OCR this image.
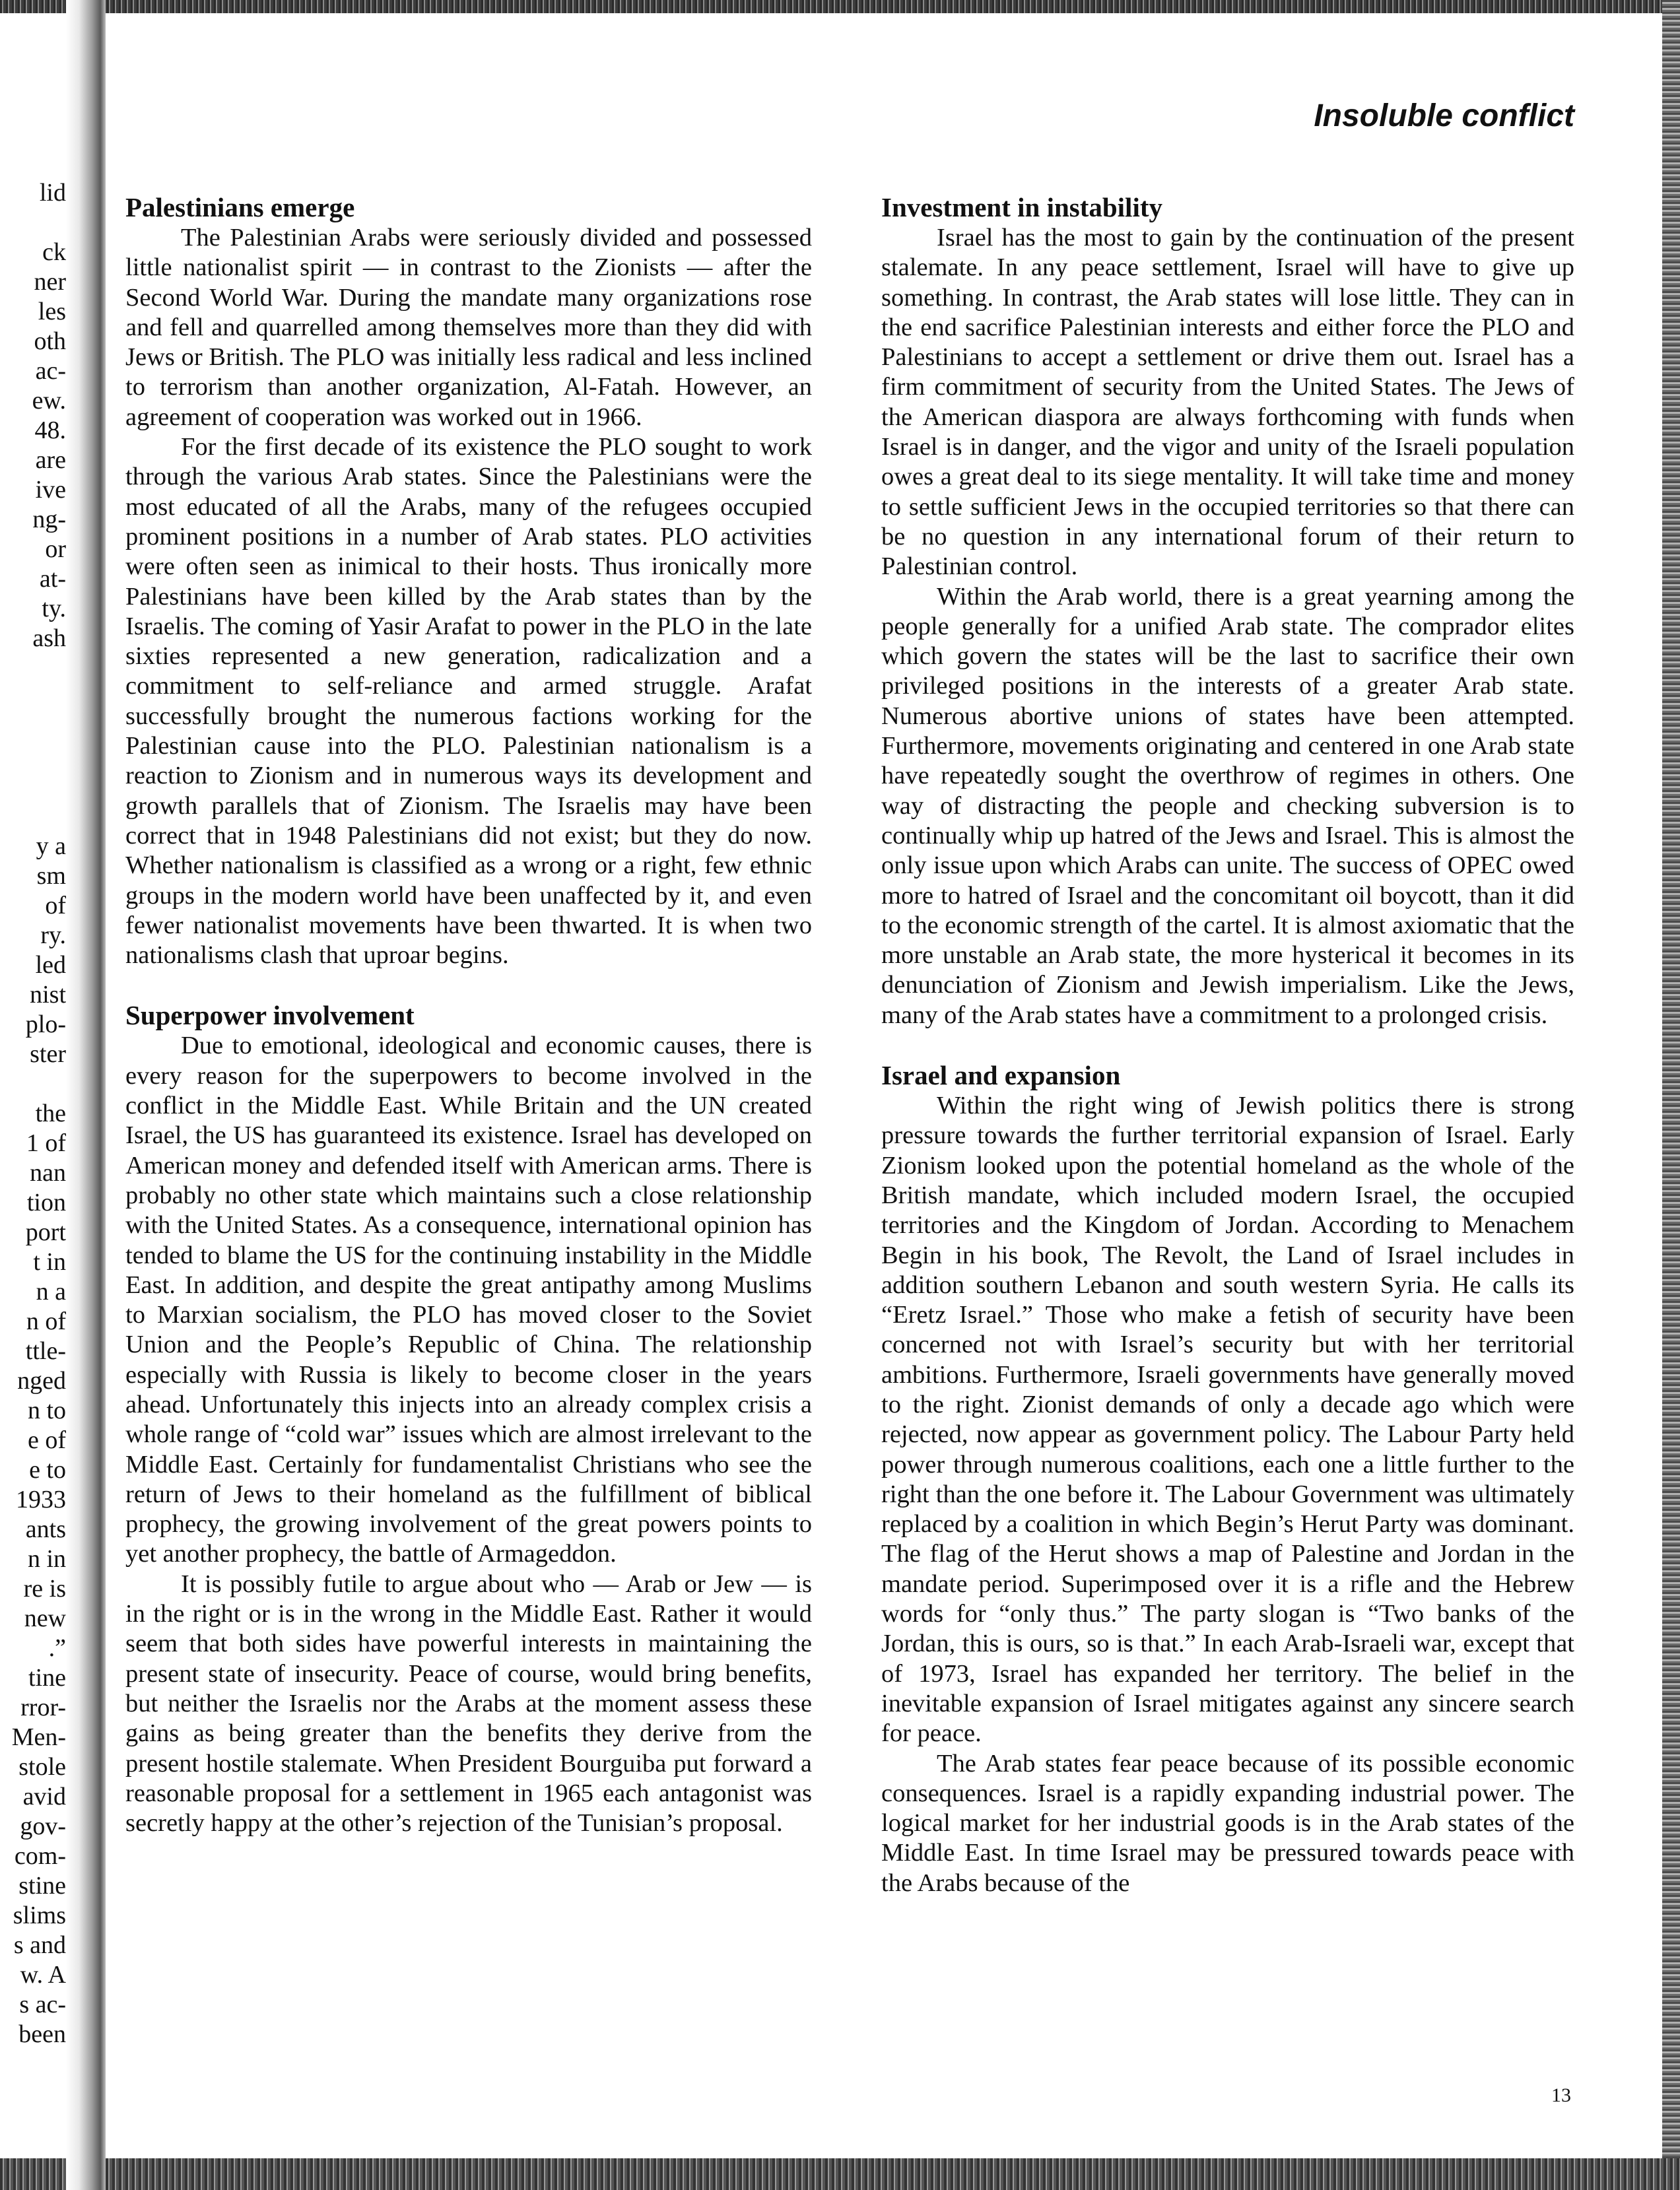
lid

ck
ner
les
oth
ac-
ew.
48.
are
ive
ng-
or
at-
ty.
ash

y a
sm
of
ry.
led
nist
plo-
ster

the
1 of
nan
tion
port
t in
n a
n of
ttle-
nged
n to
e of
e to
1933
ants
n in
re is
new
.”
tine
rror-
Men-
stole
avid
gov-
com-
stine
slims
s and
w. A
s ac-
been
Insoluble conflict
Palestinians emerge

The Palestinian Arabs were seriously divided and possessed little nationalist spirit — in contrast to the Zionists — after the Second World War. During the mandate many organizations rose and fell and quarrelled among themselves more than they did with Jews or British. The PLO was initially less radical and less inclined to terrorism than another organization, Al-Fatah. However, an agreement of cooperation was worked out in 1966.

For the first decade of its existence the PLO sought to work through the various Arab states. Since the Palestinians were the most educated of all the Arabs, many of the refugees occupied prominent positions in a number of Arab states. PLO activities were often seen as inimical to their hosts. Thus ironically more Palestinians have been killed by the Arab states than by the Israelis. The coming of Yasir Arafat to power in the PLO in the late sixties represented a new generation, radicalization and a commitment to self-reliance and armed struggle. Arafat successfully brought the numerous factions working for the Palestinian cause into the PLO. Palestinian nationalism is a reaction to Zionism and in numerous ways its development and growth parallels that of Zionism. The Israelis may have been correct that in 1948 Palestinians did not exist; but they do now. Whether nationalism is classified as a wrong or a right, few ethnic groups in the modern world have been unaffected by it, and even fewer nationalist movements have been thwarted. It is when two nationalisms clash that uproar begins.

Superpower involvement

Due to emotional, ideological and economic causes, there is every reason for the superpowers to become involved in the conflict in the Middle East. While Britain and the UN created Israel, the US has guaranteed its existence. Israel has developed on American money and defended itself with American arms. There is probably no other state which maintains such a close relationship with the United States. As a consequence, international opinion has tended to blame the US for the continuing instability in the Middle East. In addition, and despite the great antipathy among Muslims to Marxian socialism, the PLO has moved closer to the Soviet Union and the People’s Republic of China. The relationship especially with Russia is likely to become closer in the years ahead. Unfortunately this injects into an already complex crisis a whole range of “cold war” issues which are almost irrelevant to the Middle East. Certainly for fundamentalist Christians who see the return of Jews to their homeland as the fulfillment of biblical prophecy, the growing involvement of the great powers points to yet another prophecy, the battle of Armageddon.

It is possibly futile to argue about who — Arab or Jew — is in the right or is in the wrong in the Middle East. Rather it would seem that both sides have powerful interests in maintaining the present state of insecurity. Peace of course, would bring benefits, but neither the Israelis nor the Arabs at the moment assess these gains as being greater than the benefits they derive from the present hostile stalemate. When President Bourguiba put forward a reasonable proposal for a settlement in 1965 each antagonist was secretly happy at the other’s rejection of the Tunisian’s proposal.

Investment in instability

Israel has the most to gain by the continuation of the present stalemate. In any peace settlement, Israel will have to give up something. In contrast, the Arab states will lose little. They can in the end sacrifice Palestinian interests and either force the PLO and Palestinians to accept a settlement or drive them out. Israel has a firm commitment of security from the United States. The Jews of the American diaspora are always forthcoming with funds when Israel is in danger, and the vigor and unity of the Israeli population owes a great deal to its siege mentality. It will take time and money to settle sufficient Jews in the occupied territories so that there can be no question in any international forum of their return to Palestinian control.

Within the Arab world, there is a great yearning among the people generally for a unified Arab state. The comprador elites which govern the states will be the last to sacrifice their own privileged positions in the interests of a greater Arab state. Numerous abortive unions of states have been attempted. Furthermore, movements originating and centered in one Arab state have repeatedly sought the overthrow of regimes in others. One way of distracting the people and checking subversion is to continually whip up hatred of the Jews and Israel. This is almost the only issue upon which Arabs can unite. The success of OPEC owed more to hatred of Israel and the concomitant oil boycott, than it did to the economic strength of the cartel. It is almost axiomatic that the more unstable an Arab state, the more hysterical it becomes in its denunciation of Zionism and Jewish imperialism. Like the Jews, many of the Arab states have a commitment to a prolonged crisis.

Israel and expansion

Within the right wing of Jewish politics there is strong pressure towards the further territorial expansion of Israel. Early Zionism looked upon the potential homeland as the whole of the British mandate, which included modern Israel, the occupied territories and the Kingdom of Jordan. According to Menachem Begin in his book, The Revolt, the Land of Israel includes in addition southern Lebanon and south western Syria. He calls its “Eretz Israel.” Those who make a fetish of security have been concerned not with Israel’s security but with her territorial ambitions. Furthermore, Israeli governments have generally moved to the right. Zionist demands of only a decade ago which were rejected, now appear as government policy. The Labour Party held power through numerous coalitions, each one a little further to the right than the one before it. The Labour Government was ultimately replaced by a coalition in which Begin’s Herut Party was dominant. The flag of the Herut shows a map of Palestine and Jordan in the mandate period. Superimposed over it is a rifle and the Hebrew words for “only thus.” The party slogan is “Two banks of the Jordan, this is ours, so is that.” In each Arab-Israeli war, except that of 1973, Israel has expanded her territory. The belief in the inevitable expansion of Israel mitigates against any sincere search for peace.

The Arab states fear peace because of its possible economic consequences. Israel is a rapidly expanding industrial power. The logical market for her industrial goods is in the Arab states of the Middle East. In time Israel may be pressured towards peace with the Arabs because of the

13
